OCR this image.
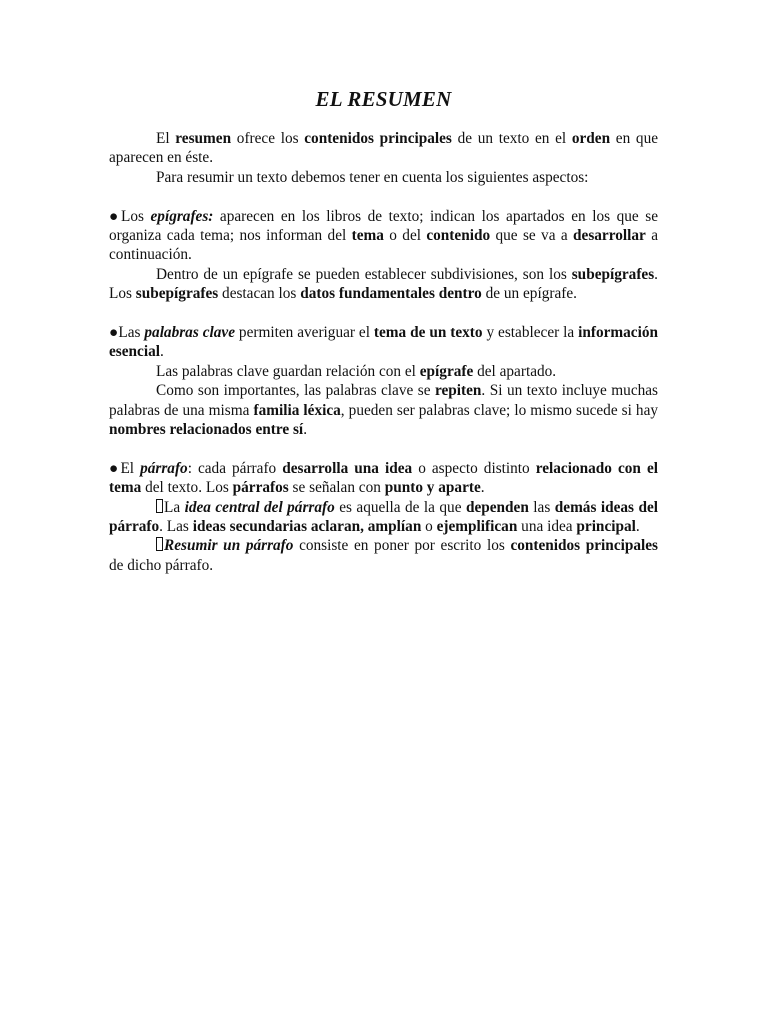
EL RESUMEN

El resumen ofrece los contenidos principales de un texto en el orden en que aparecen en éste.

Para resumir un texto debemos tener en cuenta los siguientes aspectos:

●Los epígrafes: aparecen en los libros de texto; indican los apartados en los que se organiza cada tema; nos informan del tema o del contenido que se va a desarrollar a continuación.

Dentro de un epígrafe se pueden establecer subdivisiones, son los subepígrafes. Los subepígrafes destacan los datos fundamentales dentro de un epígrafe.

●Las palabras clave permiten averiguar el tema de un texto y establecer la información esencial.

Las palabras clave guardan relación con el epígrafe del apartado.

Como son importantes, las palabras clave se repiten. Si un texto incluye muchas palabras de una misma familia léxica, pueden ser palabras clave; lo mismo sucede si hay nombres relacionados entre sí.

●El párrafo: cada párrafo desarrolla una idea o aspecto distinto relacionado con el tema del texto. Los párrafos se señalan con punto y aparte.

La idea central del párrafo es aquella de la que dependen las demás ideas del párrafo. Las ideas secundarias aclaran, amplían o ejemplifican una idea principal.

Resumir un párrafo consiste en poner por escrito los contenidos principales de dicho párrafo.
